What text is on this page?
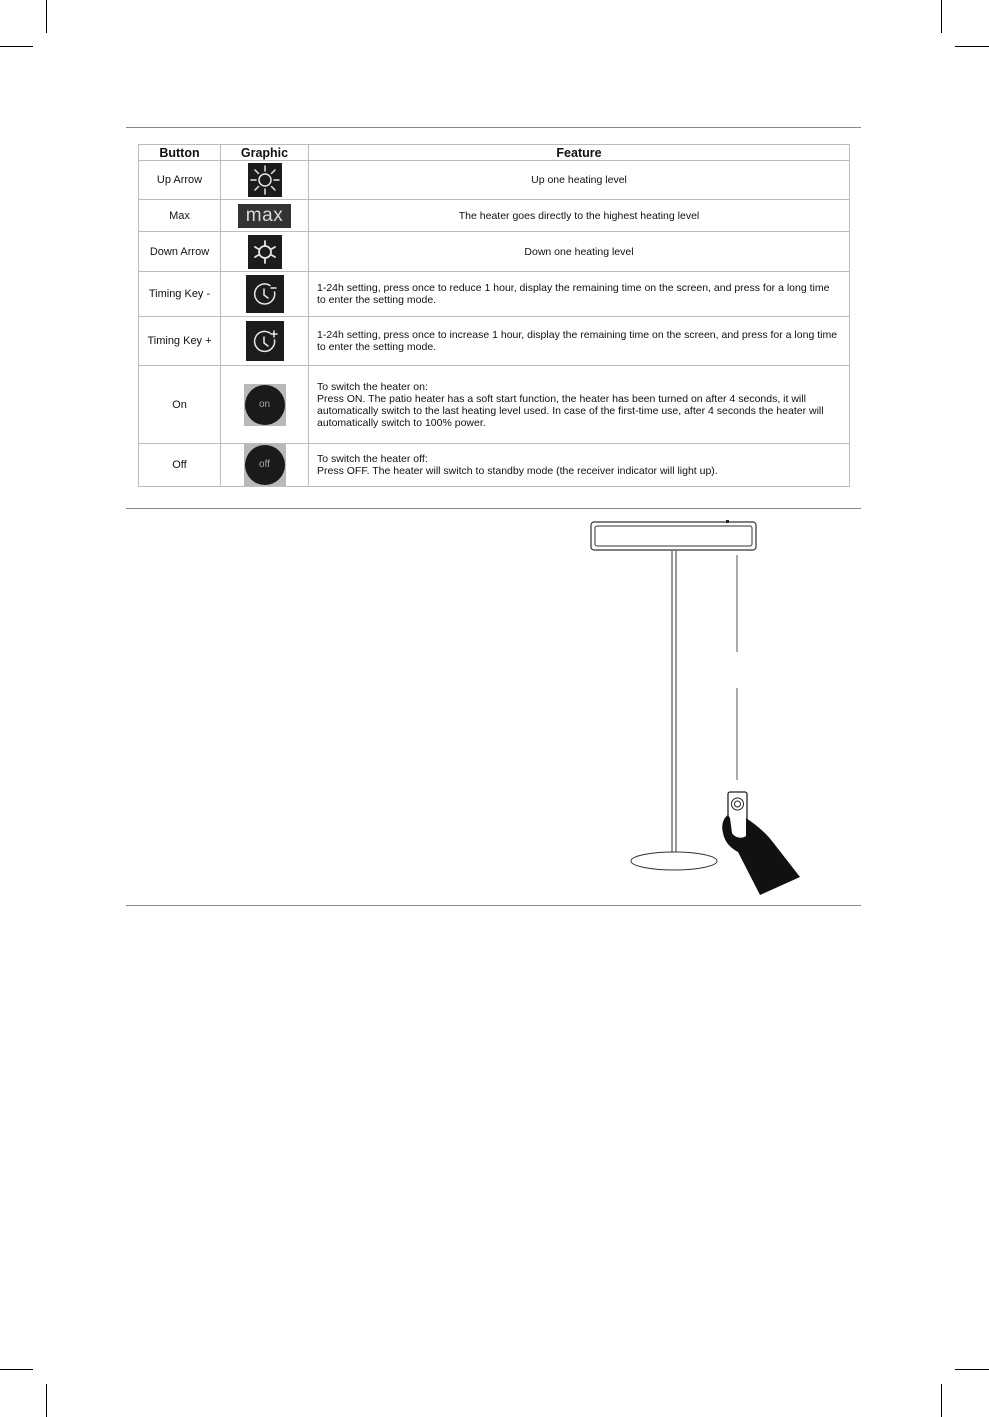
Button	Graphic	Feature
Up Arrow		Up one heating level
Max	max	The heater goes directly to the highest heating level
Down Arrow		Down one heating level
Timing Key -		1-24h setting, press once to reduce 1 hour, display the remaining time on the screen, and press for a long time to enter the setting mode.
Timing Key +		1-24h setting, press once to increase 1 hour, display the remaining time on the screen, and press for a long time to enter the setting mode.
On	on	To switch the heater on:
Press ON. The patio heater has a soft start function, the heater has been turned on after 4 seconds, it will automatically switch to the last heating level used. In case of the first-time use, after 4 seconds the heater will automatically switch to 100% power.

Off	off	To switch the heater off:
Press OFF. The heater will switch to standby mode (the receiver indicator will light up).
